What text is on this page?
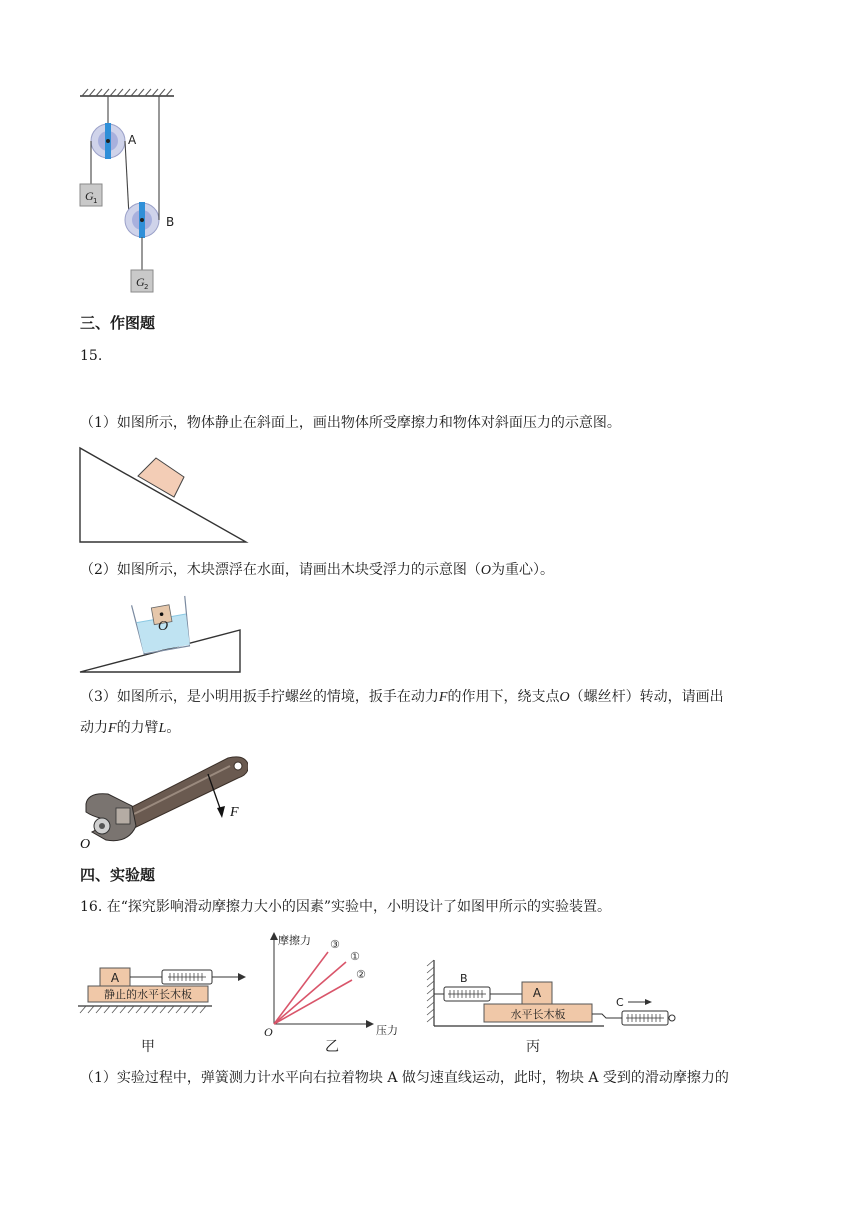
G 1
G 2
A
B
三、作图题
15.
（1）如图所示，物体静止在斜面上，画出物体所受摩擦力和物体对斜面压力的示意图。
（2）如图所示，木块漂浮在水面，请画出木块受浮力的示意图（O为重心）。
O
（3）如图所示，是小明用扳手拧螺丝的情境，扳手在动力F的作用下，绕支点O（螺丝杆）转动，请画出
动力F的力臂L。
F
O
四、实验题
16. 在“探究影响滑动摩擦力大小的因素”实验中，小明设计了如图甲所示的实验装置。
静止的水平长木板
A
甲
摩擦力
压力
O
③
①
②
乙
B
A
水平长木板
C
丙
（1）实验过程中，弹簧测力计水平向右拉着物块 A 做匀速直线运动，此时，物块 A 受到的滑动摩擦力的
